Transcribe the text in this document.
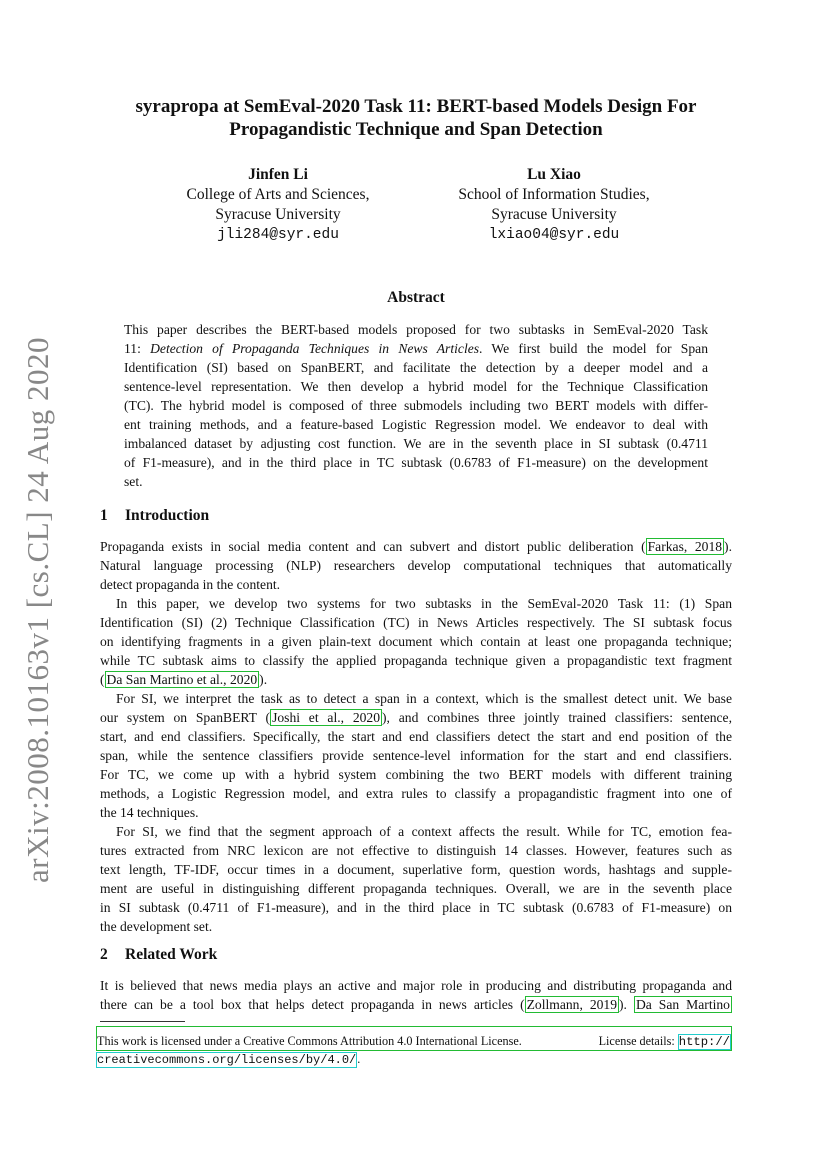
arXiv:2008.10163v1 [cs.CL] 24 Aug 2020
syrapropa at SemEval-2020 Task 11: BERT-based Models Design For
Propagandistic Technique and Span Detection
Jinfen Li
College of Arts and Sciences,
Syracuse University
jli284@syr.edu
Lu Xiao
School of Information Studies,
Syracuse University
lxiao04@syr.edu
Abstract
This paper describes the BERT-based models proposed for two subtasks in SemEval-2020 Task
11: Detection of Propaganda Techniques in News Articles. We first build the model for Span
Identification (SI) based on SpanBERT, and facilitate the detection by a deeper model and a
sentence-level representation. We then develop a hybrid model for the Technique Classification
(TC). The hybrid model is composed of three submodels including two BERT models with differ-
ent training methods, and a feature-based Logistic Regression model. We endeavor to deal with
imbalanced dataset by adjusting cost function. We are in the seventh place in SI subtask (0.4711
of F1-measure), and in the third place in TC subtask (0.6783 of F1-measure) on the development
set.
1 Introduction
Propaganda exists in social media content and can subvert and distort public deliberation ( Farkas, 2018 ).
Natural language processing (NLP) researchers develop computational techniques that automatically
detect propaganda in the content.
In this paper, we develop two systems for two subtasks in the SemEval-2020 Task 11: (1) Span
Identification (SI) (2) Technique Classification (TC) in News Articles respectively. The SI subtask focus
on identifying fragments in a given plain-text document which contain at least one propaganda technique;
while TC subtask aims to classify the applied propaganda technique given a propagandistic text fragment
( Da San Martino et al., 2020 ).
For SI, we interpret the task as to detect a span in a context, which is the smallest detect unit. We base
our system on SpanBERT ( Joshi et al., 2020 ), and combines three jointly trained classifiers: sentence,
start, and end classifiers. Specifically, the start and end classifiers detect the start and end position of the
span, while the sentence classifiers provide sentence-level information for the start and end classifiers.
For TC, we come up with a hybrid system combining the two BERT models with different training
methods, a Logistic Regression model, and extra rules to classify a propagandistic fragment into one of
the 14 techniques.
For SI, we find that the segment approach of a context affects the result. While for TC, emotion fea-
tures extracted from NRC lexicon are not effective to distinguish 14 classes. However, features such as
text length, TF-IDF, occur times in a document, superlative form, question words, hashtags and supple-
ment are useful in distinguishing different propaganda techniques. Overall, we are in the seventh place
in SI subtask (0.4711 of F1-measure), and in the third place in TC subtask (0.6783 of F1-measure) on
the development set.
2 Related Work
It is believed that news media plays an active and major role in producing and distributing propaganda and
there can be a tool box that helps detect propaganda in news articles ( Zollmann, 2019 ). Da San Martino
This work is licensed under a Creative Commons Attribution 4.0 International License.	License details: http://
creativecommons.org/licenses/by/4.0/.
